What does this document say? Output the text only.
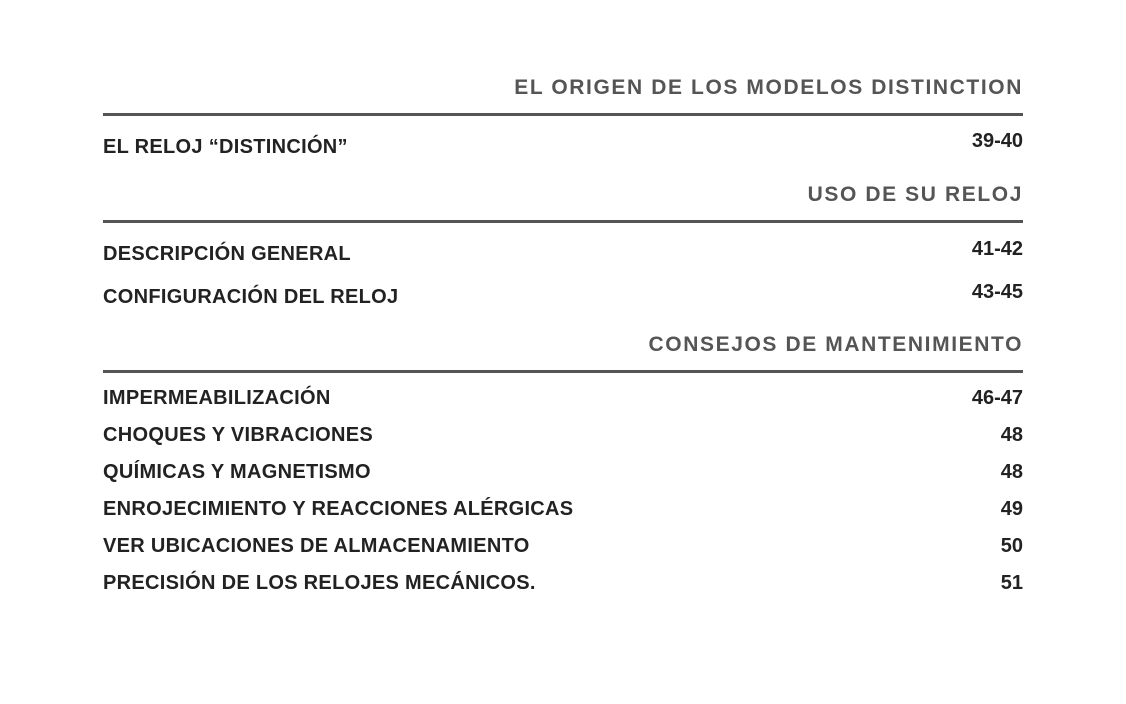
EL ORIGEN DE LOS MODELOS DISTINCTION
EL RELOJ “DISTINCIÓN”	39-40
USO DE SU RELOJ
DESCRIPCIÓN GENERAL	41-42
CONFIGURACIÓN DEL RELOJ	43-45
CONSEJOS DE MANTENIMIENTO
IMPERMEABILIZACIÓN	46-47
CHOQUES Y VIBRACIONES	48
QUÍMICAS Y MAGNETISMO	48
ENROJECIMIENTO Y REACCIONES ALÉRGICAS	49
VER UBICACIONES DE ALMACENAMIENTO	50
PRECISIÓN DE LOS RELOJES MECÁNICOS.	51
